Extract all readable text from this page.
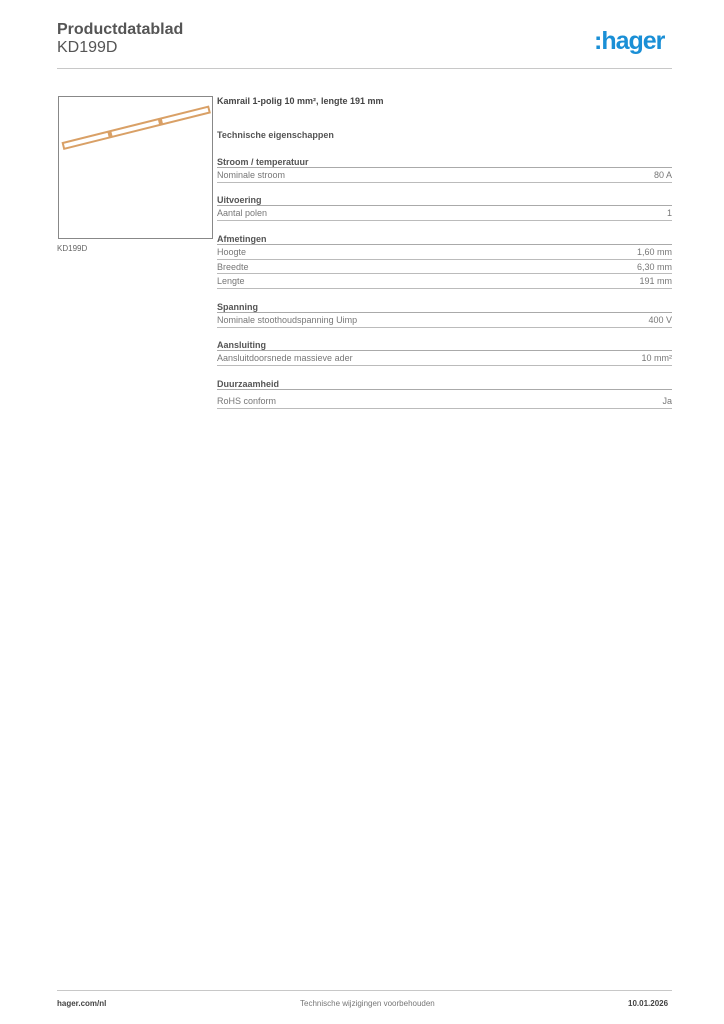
Productdatablad
KD199D	:hager
KD199D
Kamrail 1-polig 10 mm², lengte 191 mm
Technische eigenschappen
Stroom / temperatuur
Nominale stroom	80 A
Uitvoering
Aantal polen	1
Afmetingen
Hoogte	1,60 mm
Breedte	6,30 mm
Lengte	191 mm
Spanning
Nominale stoothoudspanning Uimp	400 V
Aansluiting
Aansluitdoorsnede massieve ader	10 mm²
Duurzaamheid
RoHS conform	Ja
hager.com/nl	Technische wijzigingen voorbehouden	10.01.2026
